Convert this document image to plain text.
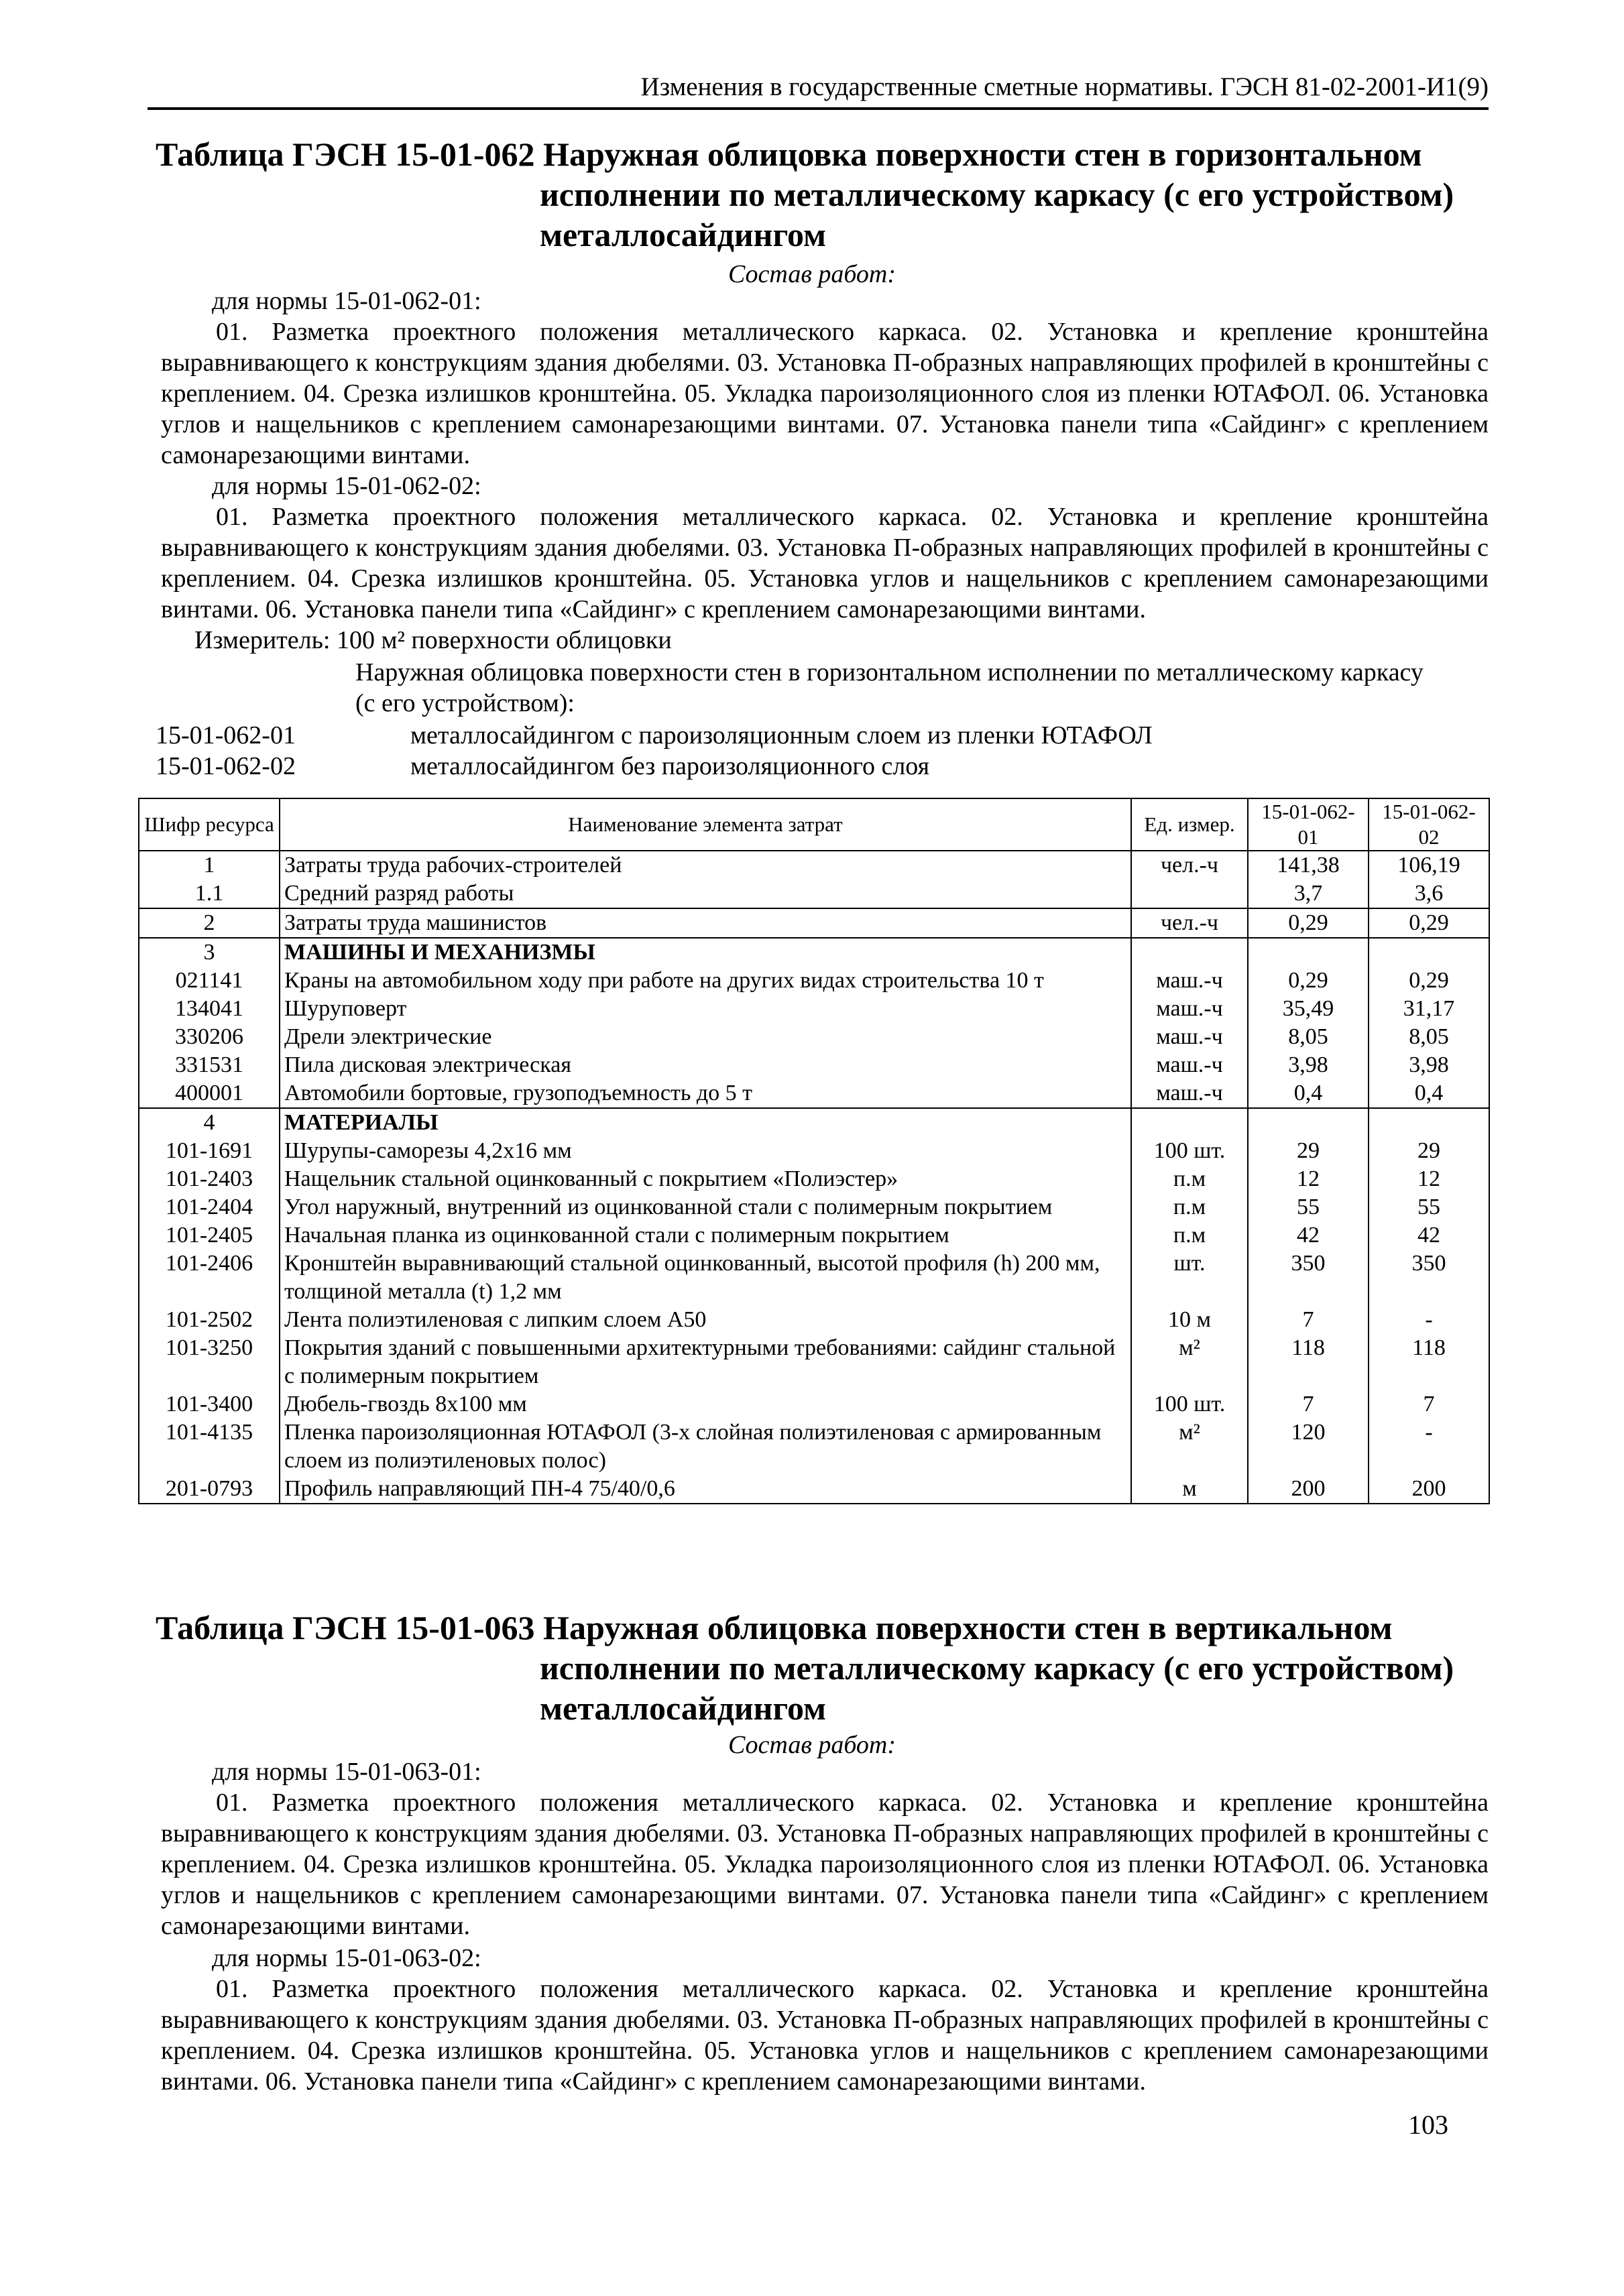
Изменения в государственные сметные нормативы. ГЭСН 81-02-2001-И1(9)
Таблица ГЭСН 15-01-062 Наружная облицовка поверхности стен в горизонтальном
исполнении по металлическому каркасу (с его устройством) металлосайдингом
Состав работ:
для нормы 15-01-062-01:
01. Разметка проектного положения металлического каркаса. 02. Установка и крепление кронштейна выравнивающего к конструкциям здания дюбелями. 03. Установка П-образных направляющих профилей в кронштейны с креплением. 04. Срезка излишков кронштейна. 05. Укладка пароизоляционного слоя из пленки ЮТАФОЛ. 06. Установка углов и нащельников с креплением самонарезающими винтами. 07. Установка панели типа «Сайдинг» с креплением самонарезающими винтами.
для нормы 15-01-062-02:
01. Разметка проектного положения металлического каркаса. 02. Установка и крепление кронштейна выравнивающего к конструкциям здания дюбелями. 03. Установка П-образных направляющих профилей в кронштейны с креплением. 04. Срезка излишков кронштейна. 05. Установка углов и нащельников с креплением самонарезающими винтами. 06. Установка панели типа «Сайдинг» с креплением самонарезающими винтами.
Измеритель: 100 м² поверхности облицовки
Наружная облицовка поверхности стен в горизонтальном исполнении по металлическому каркасу (с его устройством):
15-01-062-01	металлосайдингом с пароизоляционным слоем из пленки ЮТАФОЛ
15-01-062-02	металлосайдингом без пароизоляционного слоя
Шифр ресурса	Наименование элемента затрат	Ед. измер.	15-01-062-01	15-01-062-02
1	Затраты труда рабочих-строителей	чел.-ч	141,38	106,19
1.1	Средний разряд работы		3,7	3,6
2	Затраты труда машинистов	чел.-ч	0,29	0,29
3	МАШИНЫ И МЕХАНИЗМЫ			
021141	Краны на автомобильном ходу при работе на других видах строительства 10 т	маш.-ч	0,29	0,29
134041	Шуруповерт	маш.-ч	35,49	31,17
330206	Дрели электрические	маш.-ч	8,05	8,05
331531	Пила дисковая электрическая	маш.-ч	3,98	3,98
400001	Автомобили бортовые, грузоподъемность до 5 т	маш.-ч	0,4	0,4
4	МАТЕРИАЛЫ			
101-1691	Шурупы-саморезы 4,2х16 мм	100 шт.	29	29
101-2403	Нащельник стальной оцинкованный с покрытием «Полиэстер»	п.м	12	12
101-2404	Угол наружный, внутренний из оцинкованной стали с полимерным покрытием	п.м	55	55
101-2405	Начальная планка из оцинкованной стали с полимерным покрытием	п.м	42	42
101-2406	Кронштейн выравнивающий стальной оцинкованный, высотой профиля (h) 200 мм, толщиной металла (t) 1,2 мм	шт.	350	350
101-2502	Лента полиэтиленовая с липким слоем А50	10 м	7	-
101-3250	Покрытия зданий с повышенными архитектурными требованиями: сайдинг стальной с полимерным покрытием	м²	118	118
101-3400	Дюбель-гвоздь 8х100 мм	100 шт.	7	7
101-4135	Пленка пароизоляционная ЮТАФОЛ (3-х слойная полиэтиленовая с армированным слоем из полиэтиленовых полос)	м²	120	-
201-0793	Профиль направляющий ПН-4 75/40/0,6	м	200	200
Таблица ГЭСН 15-01-063 Наружная облицовка поверхности стен в вертикальном
исполнении по металлическому каркасу (с его устройством) металлосайдингом
Состав работ:
для нормы 15-01-063-01:
01. Разметка проектного положения металлического каркаса. 02. Установка и крепление кронштейна выравнивающего к конструкциям здания дюбелями. 03. Установка П-образных направляющих профилей в кронштейны с креплением. 04. Срезка излишков кронштейна. 05. Укладка пароизоляционного слоя из пленки ЮТАФОЛ. 06. Установка углов и нащельников с креплением самонарезающими винтами. 07. Установка панели типа «Сайдинг» с креплением самонарезающими винтами.
для нормы 15-01-063-02:
01. Разметка проектного положения металлического каркаса. 02. Установка и крепление кронштейна выравнивающего к конструкциям здания дюбелями. 03. Установка П-образных направляющих профилей в кронштейны с креплением. 04. Срезка излишков кронштейна. 05. Установка углов и нащельников с креплением самонарезающими винтами. 06. Установка панели типа «Сайдинг» с креплением самонарезающими винтами.
103
